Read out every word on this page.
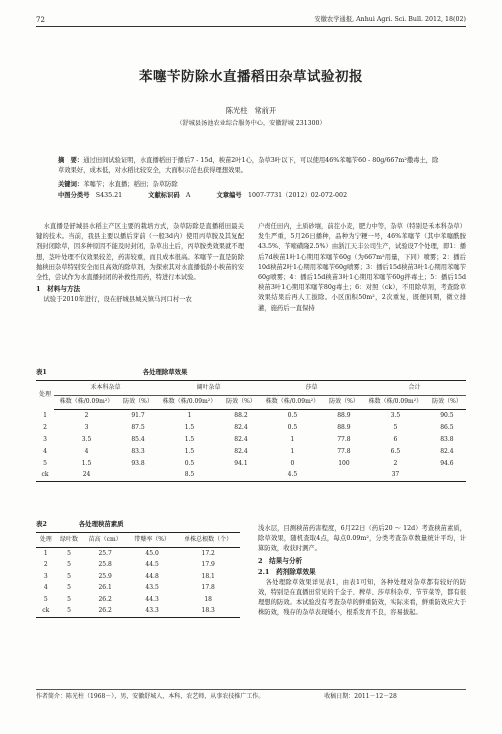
72	安徽农学通报, Anhui Agri. Sci. Bull. 2012, 18(02)
苯噻苄防除水直播稻田杂草试验初报
陈光柱　常前开
（舒城县汤池农业综合服务中心，安徽舒城 231300）
摘　要：通过田间试验证明，水直播稻田于播后7 - 15d，秧苗2叶1心，杂草3叶以下，可以使用46%苯噻苄60 - 80g/667m²撒毒土，除草效果好，成本低，对水稻比较安全，大面积示范也获得理想效果。
关键词：苯噻苄；水直播；稻田；杂草防除
中图分类号　 S435.21	文献标识码　 A	文章编号　 1007-7731（2012）02-072-002

水直播是舒城县水稻主产区主要的栽培方式，杂草防除是直播稻田最关键的技术。当前，我县主要以播后芽前（一般3d内）使用丙草胺及其复配剂封闭除草，因多种原因不能及时封闭，杂草出土后，丙草胺类效果就不理想，茎叶处理不仅效果较差，药害较重，而且成本很高。苯噻苄一直是防除抛秧田杂草特别安全而且高效的除草剂，为探索其对水直播低龄小秧苗的安全性，尝试作为水直播封闭的补救性用药，特进行本试验。

1　材料与方法

试验于2010年进行，设在舒城县城关镇马河口村一农

户责任田内，土质砂壤，前茬小麦，肥力中等，杂草（特别是禾本科杂草）发生严重，5月26日播种，品种为宁粳一号，46%苯噻苄（其中苯噻酰胺43.5%、苄嘧磺隆2.5%）由浙江天丰公司生产，试验设7个处理，即1：播后7d秧苗1叶1心期用苯噻苄60g（为667m²用量，下同）喷雾；2：播后10d秧苗2叶1心期用苯噻苄60g喷雾；3：播后15d秧苗3叶1心期用苯噻苄60g喷雾；4：播后15d秧苗3叶1心期用苯噻苄60g拌毒土；5：播后15d秧苗3叶1心期用苯噻苄80g毒土；6：对照（ck），不用除草剂，考查除草效果结果后再人工拔除。小区面积50m²，2次重复，既便同期，微立排灌，施药后一直保持

表1　　　　　　　　　　　　　　　各处理除草效果
处理	禾本科杂草		阔叶杂草		莎草		合计	
	株数（株/0.09m²）	防效（%）	株数（株/0.09m²）	防效（%）	株数（株/0.09m²）	防效（%）	株数（株/0.09m²）	防效（%）
1	2	91.7	1	88.2	0.5	88.9	3.5	90.5
2	3	87.5	1.5	82.4	0.5	88.9	5	86.5
3	3.5	85.4	1.5	82.4	1	77.8	6	83.8
4	4	83.3	1.5	82.4	1	77.8	6.5	82.4
5	1.5	93.8	0.5	94.1	0	100	2	94.6
ck	24		8.5		4.5		37	
表2　　　　　各处理秧苗素质
处理	绿叶数	苗高（cm）	带蘖率（%）	单株总根数（个）
1	5	25.7	45.0	17.2
2	5	25.8	44.5	17.9
3	5	25.9	44.8	18.1
4	5	26.1	43.5	17.8
5	5	26.2	44.3	18
ck	5	26.2	43.3	18.3

浅水层，目测秧苗药害程度，6月22日（药后20 ～ 12d）考查秧苗素质，除草效果，随机查取4点，每点0.09m²，分类考查杂草数量统计平均，计算防效，收获时测产。

2　结果与分析

2.1　药剂除草效果

各处理除草效果详见表1，由表1可知，各种处理对杂草都有较好的防效，特别是在直播田常见的千金子、稗草、莎草科杂草、节节菜等，都有很理想的防效。本试验没有考查杂草的鲜重防效，实际来看，鲜重防效应大于株防效，残存的杂草表现矮小，根系发育不良，容易拔起。

作者简介：陈光柱（1968－），男，安徽舒城人，本科，农艺师，从事农技推广工作。	收稿日期：2011－12－28
